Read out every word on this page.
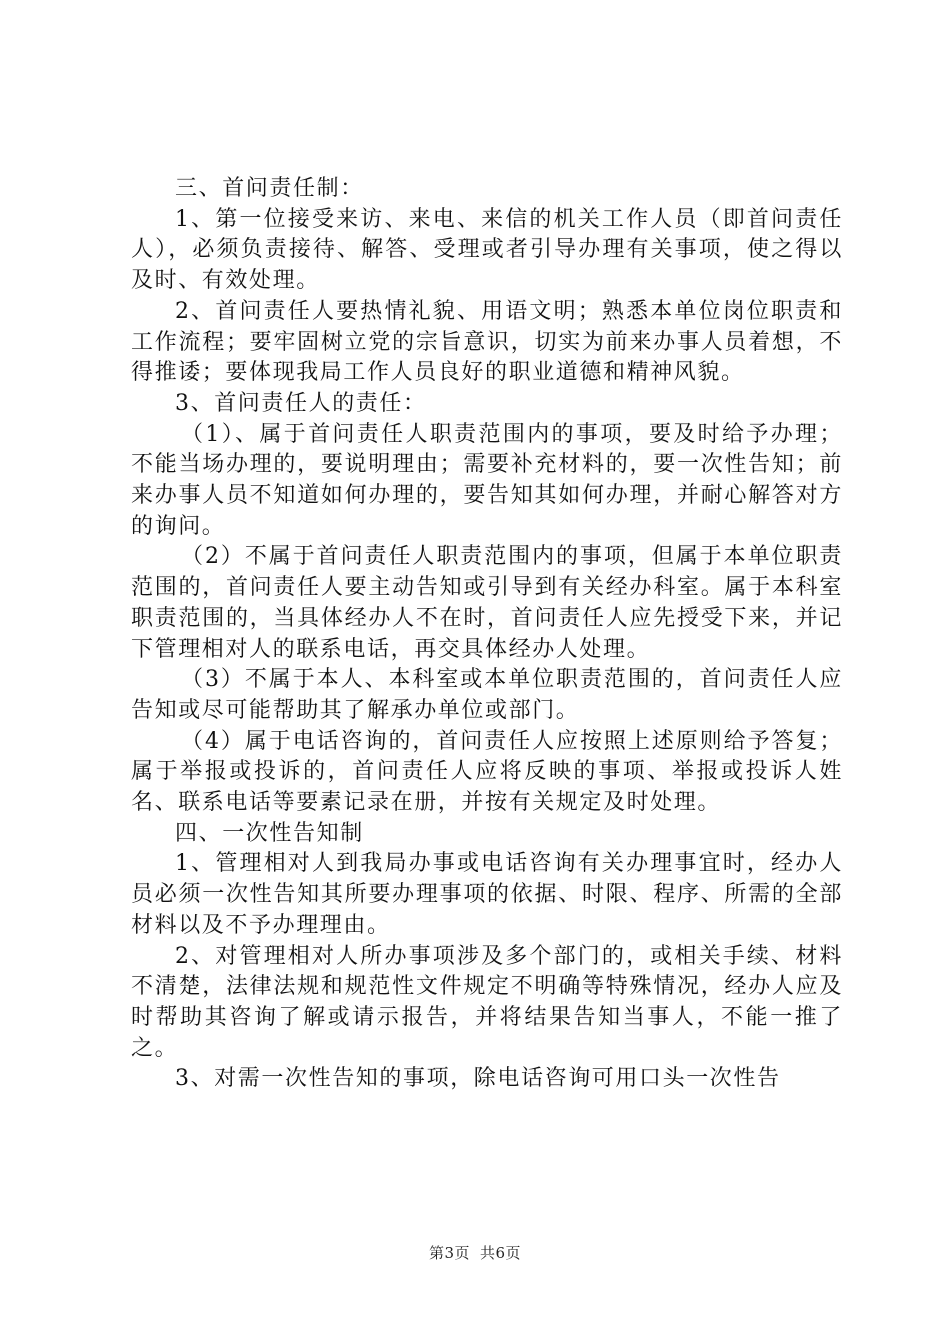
三、首问责任制：

1、第一位接受来访、来电、来信的机关工作人员（即首问责任人），必须负责接待、解答、受理或者引导办理有关事项，使之得以及时、有效处理。

2、首问责任人要热情礼貌、用语文明；熟悉本单位岗位职责和工作流程；要牢固树立党的宗旨意识，切实为前来办事人员着想，不得推诿；要体现我局工作人员良好的职业道德和精神风貌。

3、首问责任人的责任：

（1）、属于首问责任人职责范围内的事项，要及时给予办理；不能当场办理的，要说明理由；需要补充材料的，要一次性告知；前来办事人员不知道如何办理的，要告知其如何办理，并耐心解答对方的询问。

（2）不属于首问责任人职责范围内的事项，但属于本单位职责范围的，首问责任人要主动告知或引导到有关经办科室。属于本科室职责范围的，当具体经办人不在时，首问责任人应先授受下来，并记下管理相对人的联系电话，再交具体经办人处理。

（3）不属于本人、本科室或本单位职责范围的，首问责任人应告知或尽可能帮助其了解承办单位或部门。

（4）属于电话咨询的，首问责任人应按照上述原则给予答复；属于举报或投诉的，首问责任人应将反映的事项、举报或投诉人姓名、联系电话等要素记录在册，并按有关规定及时处理。

四、一次性告知制

1、管理相对人到我局办事或电话咨询有关办理事宜时，经办人员必须一次性告知其所要办理事项的依据、时限、程序、所需的全部材料以及不予办理理由。

2、对管理相对人所办事项涉及多个部门的，或相关手续、材料不清楚，法律法规和规范性文件规定不明确等特殊情况，经办人应及时帮助其咨询了解或请示报告，并将结果告知当事人，不能一推了之。

3、对需一次性告知的事项，除电话咨询可用口头一次性告

第3页 共6页
